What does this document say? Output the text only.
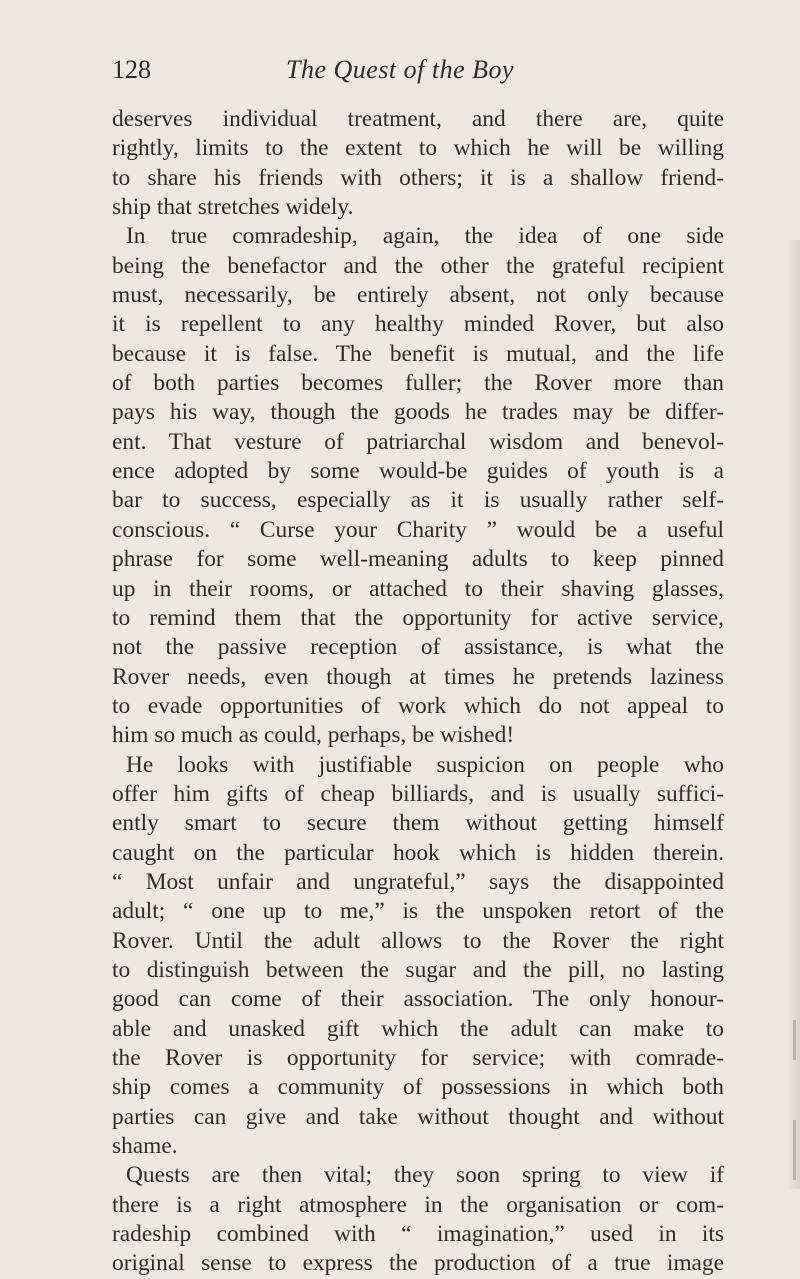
128	The Quest of the Boy
deserves individual treatment, and there are, quite
rightly, limits to the extent to which he will be willing
to share his friends with others; it is a shallow friend-
ship that stretches widely.
In true comradeship, again, the idea of one side
being the benefactor and the other the grateful recipient
must, necessarily, be entirely absent, not only because
it is repellent to any healthy minded Rover, but also
because it is false. The benefit is mutual, and the life
of both parties becomes fuller; the Rover more than
pays his way, though the goods he trades may be differ-
ent. That vesture of patriarchal wisdom and benevol-
ence adopted by some would-be guides of youth is a
bar to success, especially as it is usually rather self-
conscious. “ Curse your Charity ” would be a useful
phrase for some well-meaning adults to keep pinned
up in their rooms, or attached to their shaving glasses,
to remind them that the opportunity for active service,
not the passive reception of assistance, is what the
Rover needs, even though at times he pretends laziness
to evade opportunities of work which do not appeal to
him so much as could, perhaps, be wished!
He looks with justifiable suspicion on people who
offer him gifts of cheap billiards, and is usually suffici-
ently smart to secure them without getting himself
caught on the particular hook which is hidden therein.
“ Most unfair and ungrateful,” says the disappointed
adult; “ one up to me,” is the unspoken retort of the
Rover. Until the adult allows to the Rover the right
to distinguish between the sugar and the pill, no lasting
good can come of their association. The only honour-
able and unasked gift which the adult can make to
the Rover is opportunity for service; with comrade-
ship comes a community of possessions in which both
parties can give and take without thought and without
shame.
Quests are then vital; they soon spring to view if
there is a right atmosphere in the organisation or com-
radeship combined with “ imagination,” used in its
original sense to express the production of a true image
